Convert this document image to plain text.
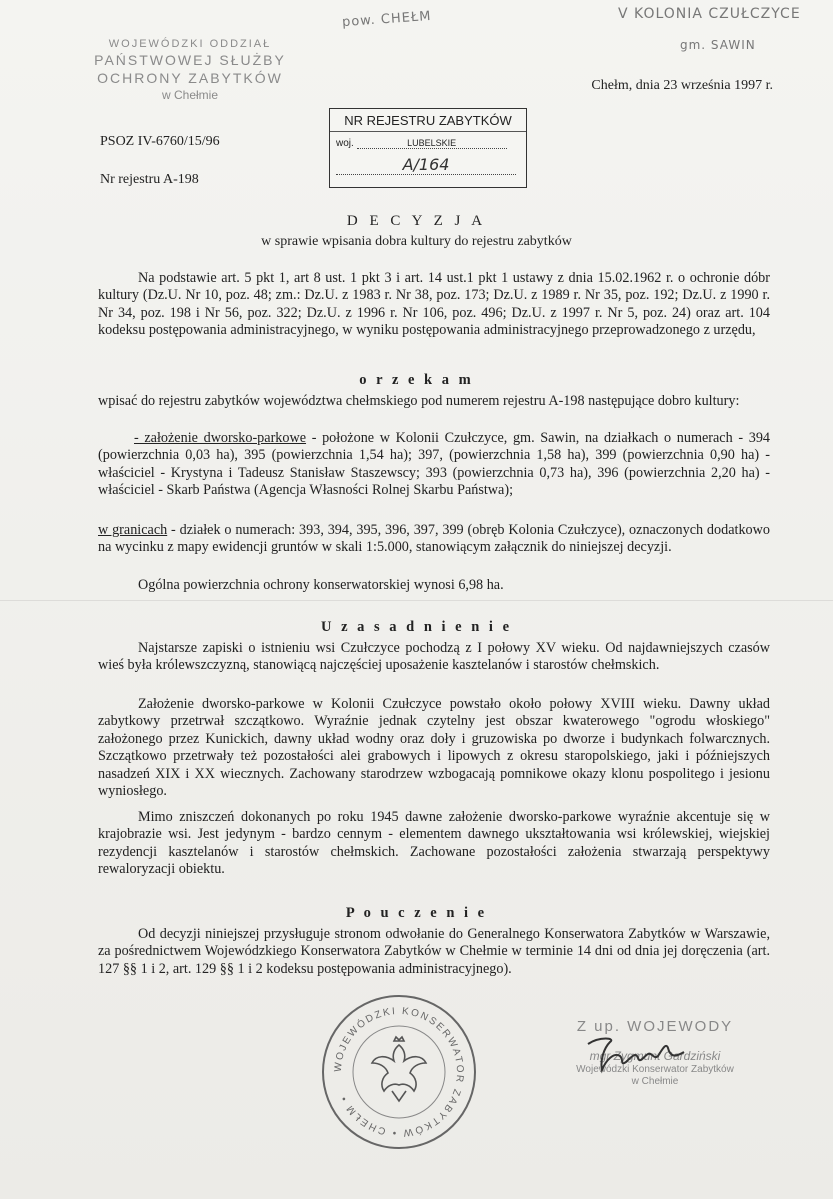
pow. CHEŁM	V KOLONIA CZUŁCZYCE
gm. SAWIN
WOJEWÓDZKI ODDZIAŁ
PAŃSTWOWEJ SŁUŻBY
OCHRONY ZABYTKÓW
w Chełmie
Chełm, dnia 23 września 1997 r.
PSOZ IV-6760/15/96
Nr rejestru A-198
NR REJESTRU ZABYTKÓW
woj.	LUBELSKIE
A/164
D E C Y Z J A
w sprawie wpisania dobra kultury do rejestru zabytków
Na podstawie art. 5 pkt 1, art 8 ust. 1 pkt 3 i art. 14 ust.1 pkt 1 ustawy z dnia 15.02.1962 r. o ochronie dóbr kultury (Dz.U. Nr 10, poz. 48; zm.: Dz.U. z 1983 r. Nr 38, poz. 173; Dz.U. z 1989 r. Nr 35, poz. 192; Dz.U. z 1990 r. Nr 34, poz. 198 i Nr 56, poz. 322; Dz.U. z 1996 r. Nr 106, poz. 496; Dz.U. z 1997 r. Nr 5, poz. 24) oraz art. 104 kodeksu postępowania administracyjnego, w wyniku postępowania administracyjnego przeprowadzonego z urzędu,
o r z e k a m
wpisać do rejestru zabytków województwa chełmskiego pod numerem rejestru A-198 następujące dobro kultury:
- założenie dworsko-parkowe - położone w Kolonii Czułczyce, gm. Sawin, na działkach o numerach - 394 (powierzchnia 0,03 ha), 395 (powierzchnia 1,54 ha); 397, (powierzchnia 1,58 ha), 399 (powierzchnia 0,90 ha) - właściciel - Krystyna i Tadeusz Stanisław Staszewscy; 393 (powierzchnia 0,73 ha), 396 (powierzchnia 2,20 ha) - właściciel - Skarb Państwa (Agencja Własności Rolnej Skarbu Państwa);
w granicach - działek o numerach: 393, 394, 395, 396, 397, 399 (obręb Kolonia Czułczyce), oznaczonych dodatkowo na wycinku z mapy ewidencji gruntów w skali 1:5.000, stanowiącym załącznik do niniejszej decyzji.
Ogólna powierzchnia ochrony konserwatorskiej wynosi 6,98 ha.
U z a s a d n i e n i e
Najstarsze zapiski o istnieniu wsi Czułczyce pochodzą z I połowy XV wieku. Od najdawniejszych czasów wieś była królewszczyzną, stanowiącą najczęściej uposażenie kasztelanów i starostów chełmskich.
Założenie dworsko-parkowe w Kolonii Czułczyce powstało około połowy XVIII wieku. Dawny układ zabytkowy przetrwał szczątkowo. Wyraźnie jednak czytelny jest obszar kwaterowego "ogrodu włoskiego" założonego przez Kunickich, dawny układ wodny oraz doły i gruzowiska po dworze i budynkach folwarcznych. Szczątkowo przetrwały też pozostałości alei grabowych i lipowych z okresu staropolskiego, jaki i późniejszych nasadzeń XIX i XX wiecznych. Zachowany starodrzew wzbogacają pomnikowe okazy klonu pospolitego i jesionu wyniosłego.
Mimo zniszczeń dokonanych po roku 1945 dawne założenie dworsko-parkowe wyraźnie akcentuje się w krajobrazie wsi. Jest jedynym - bardzo cennym - elementem dawnego ukształtowania wsi królewskiej, wiejskiej rezydencji kasztelanów i starostów chełmskich. Zachowane pozostałości założenia stwarzają perspektywy rewaloryzacji obiektu.
P o u c z e n i e
Od decyzji niniejszej przysługuje stronom odwołanie do Generalnego Konserwatora Zabytków w Warszawie, za pośrednictwem Wojewódzkiego Konserwatora Zabytków w Chełmie w terminie 14 dni od dnia jej doręczenia (art. 127 §§ 1 i 2, art. 129 §§ 1 i 2 kodeksu postępowania administracyjnego).
WOJEWÓDZKI KONSERWATOR ZABYTKÓW • CHEŁM •
Z up. WOJEWODY
mgr Zygmunt Gardziński
Wojewódzki Konserwator Zabytków
w Chełmie
